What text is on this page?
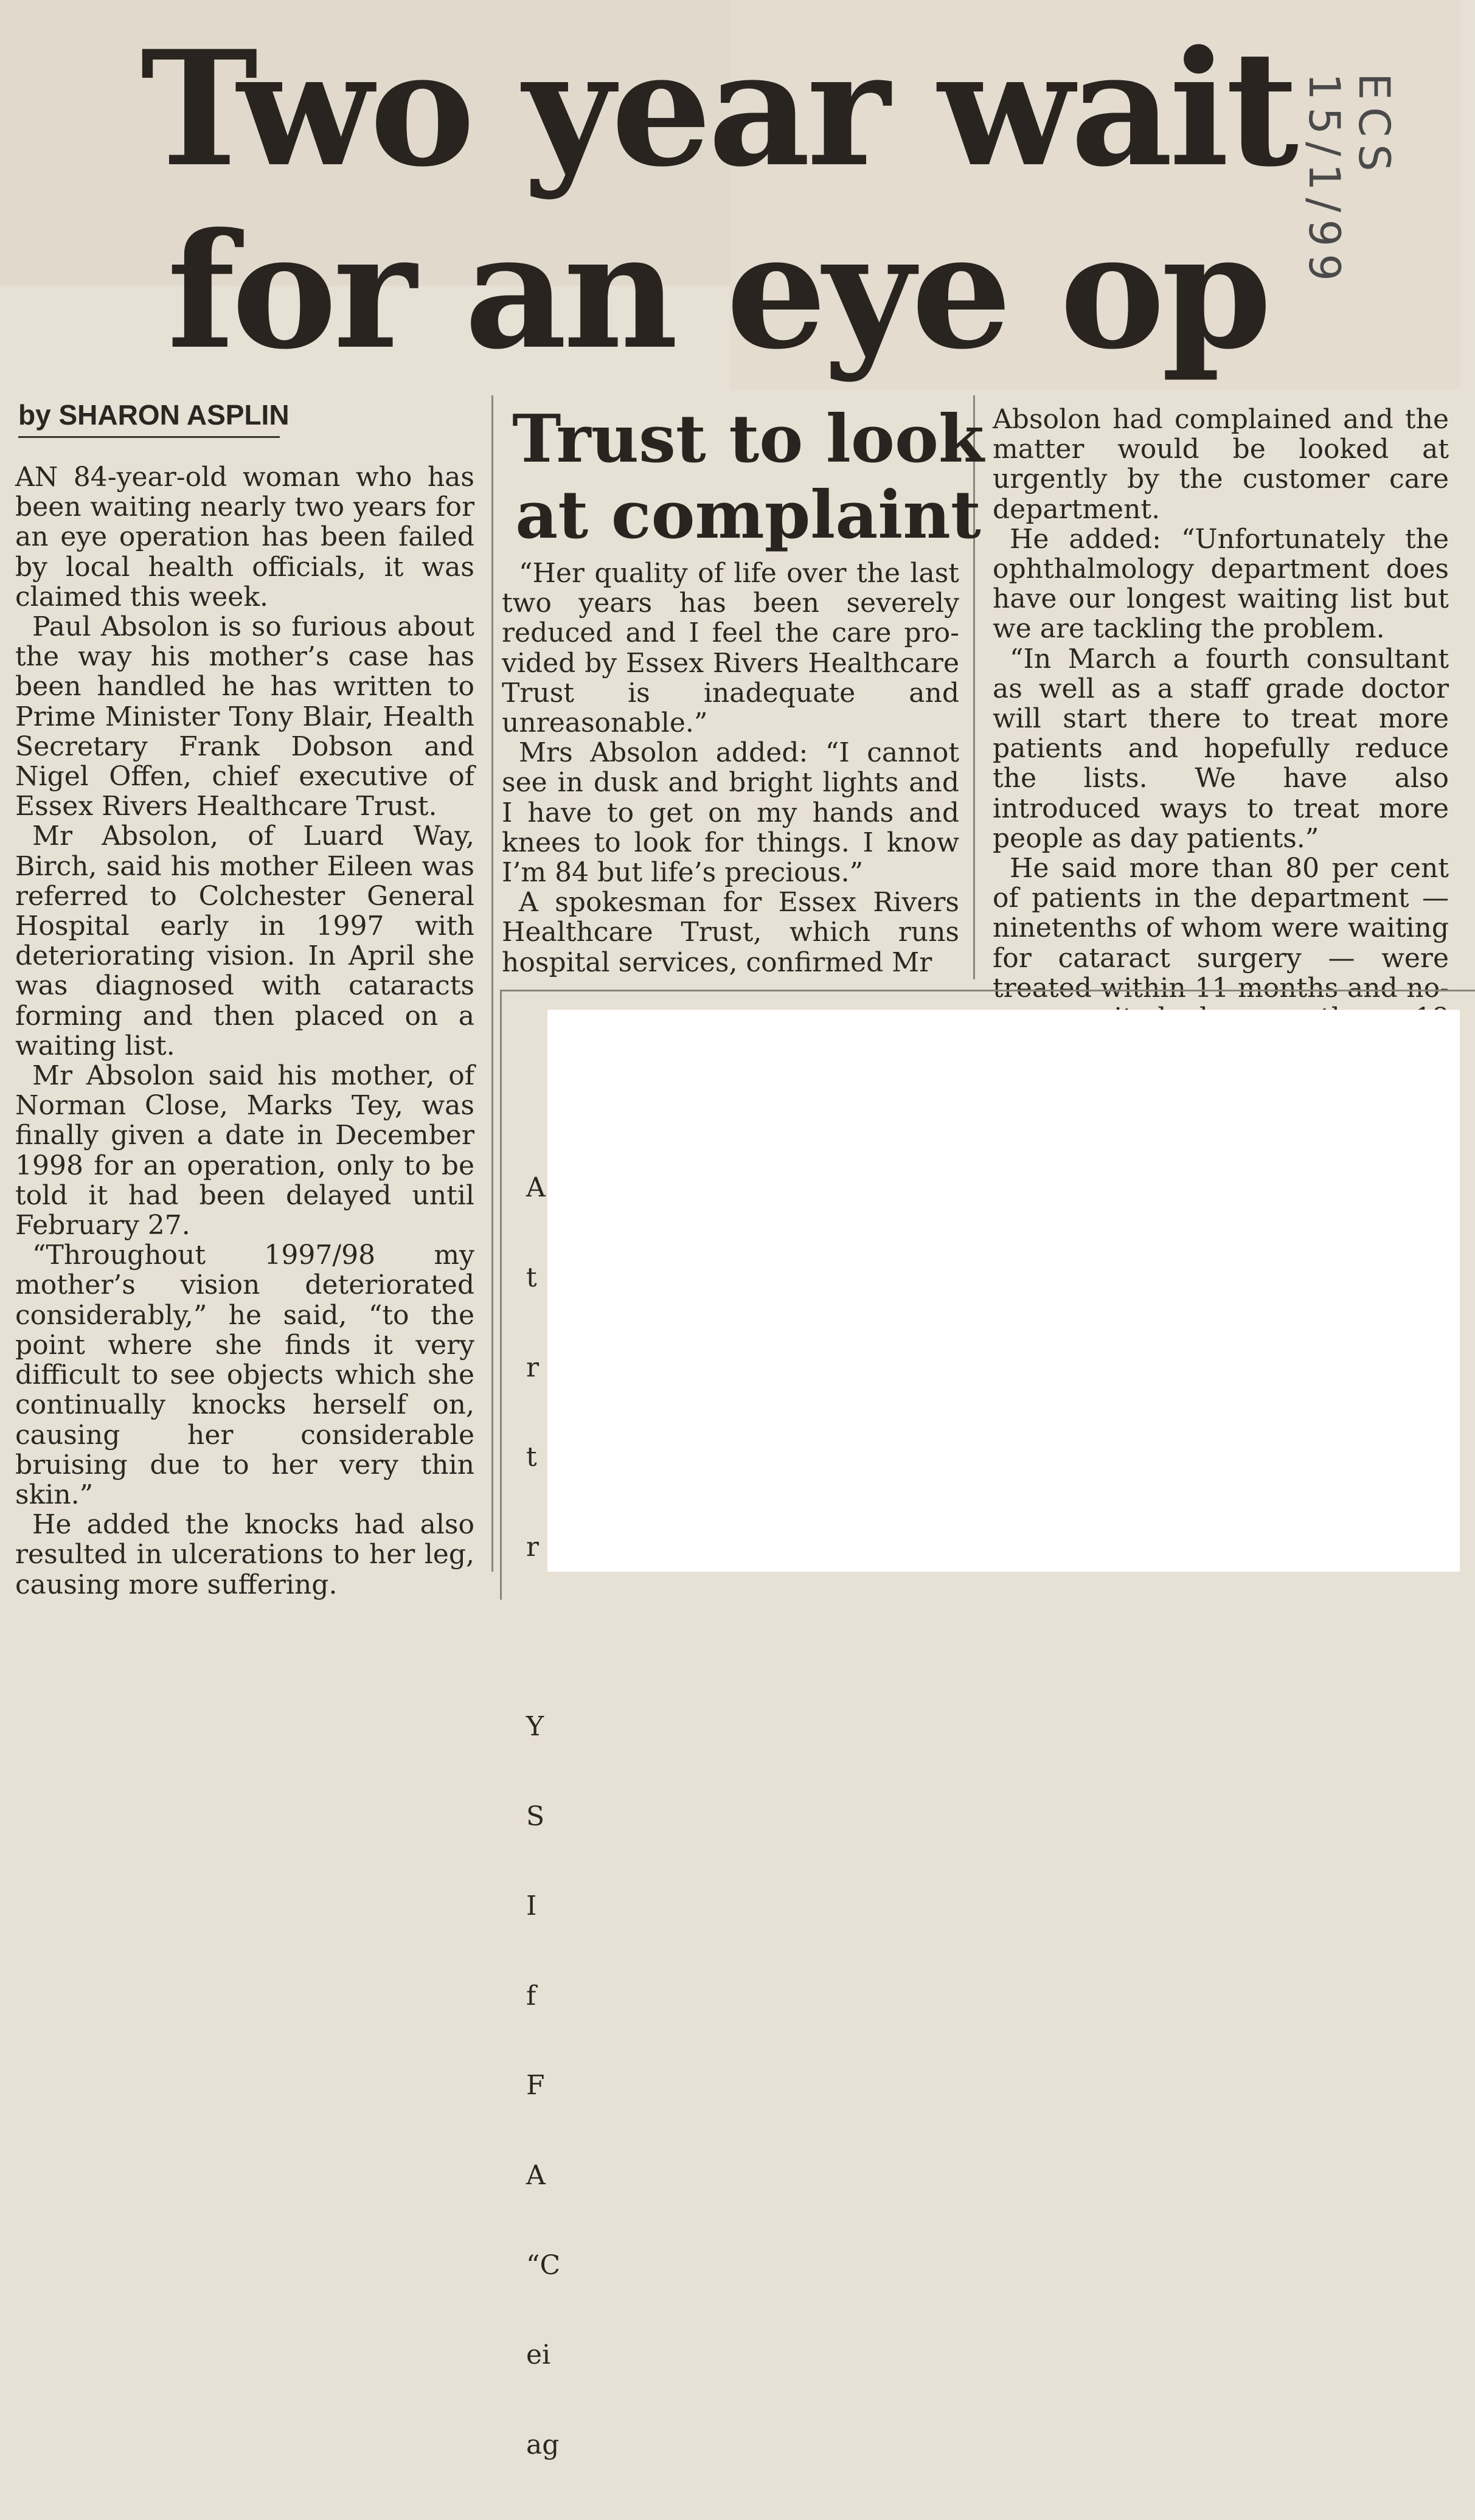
Two year wait for an eye op
ECS 15/1/99
by SHARON ASPLIN	Trust to look at complaint

AN 84-year-old woman who has been waiting nearly two years for an eye operation has been failed by local health officials, it was claimed this week.

Paul Absolon is so furious about the way his mother’s case has been handled he has written to Prime Minister Tony Blair, Health Secretary Frank Dobson and Nigel Offen, chief executive of Essex Rivers Healthcare Trust.

Mr Absolon, of Luard Way, Birch, said his mother Eileen was referred to Colchester General Hospital early in 1997 with deteriorating vision. In April she was diagnosed with cataracts forming and then placed on a waiting list.

Mr Absolon said his mother, of Norman Close, Marks Tey, was finally given a date in December 1998 for an operation, only to be told it had been delayed until February 27.

“Throughout 1997/98 my mother’s vision deteriorated considerably,” he said, “to the point where she finds it very difficult to see objects which she continually knocks herself on, causing her considerable bruising due to her very thin skin.”

He added the knocks had also resulted in ulcerations to her leg, causing more suffering.

“Her quality of life over the last two years has been severely reduced and I feel the care provided by Essex Rivers Healthcare Trust is inadequate and unreasonable.”

Mrs Absolon added: “I cannot see in dusk and bright lights and I have to get on my hands and knees to look for things. I know I’m 84 but life’s precious.”

A spokesman for Essex Rivers Healthcare Trust, which runs hospital services, confirmed Mr

Absolon had complained and the matter would be looked at urgently by the customer care department.

He added: “Unfortunately the ophthalmology department does have our longest waiting list but we are tackling the problem.

“In March a fourth consultant as well as a staff grade doctor will start there to treat more patients and hopefully reduce the lists. We have also introduced ways to treat more people as day patients.”

He said more than 80 per cent of patients in the department — ninetenths of whom were waiting for cataract surgery — were treated within 11 months and no-

A

t

r

t

r

Y

S

I

f

F

A

“C

ei

ag
